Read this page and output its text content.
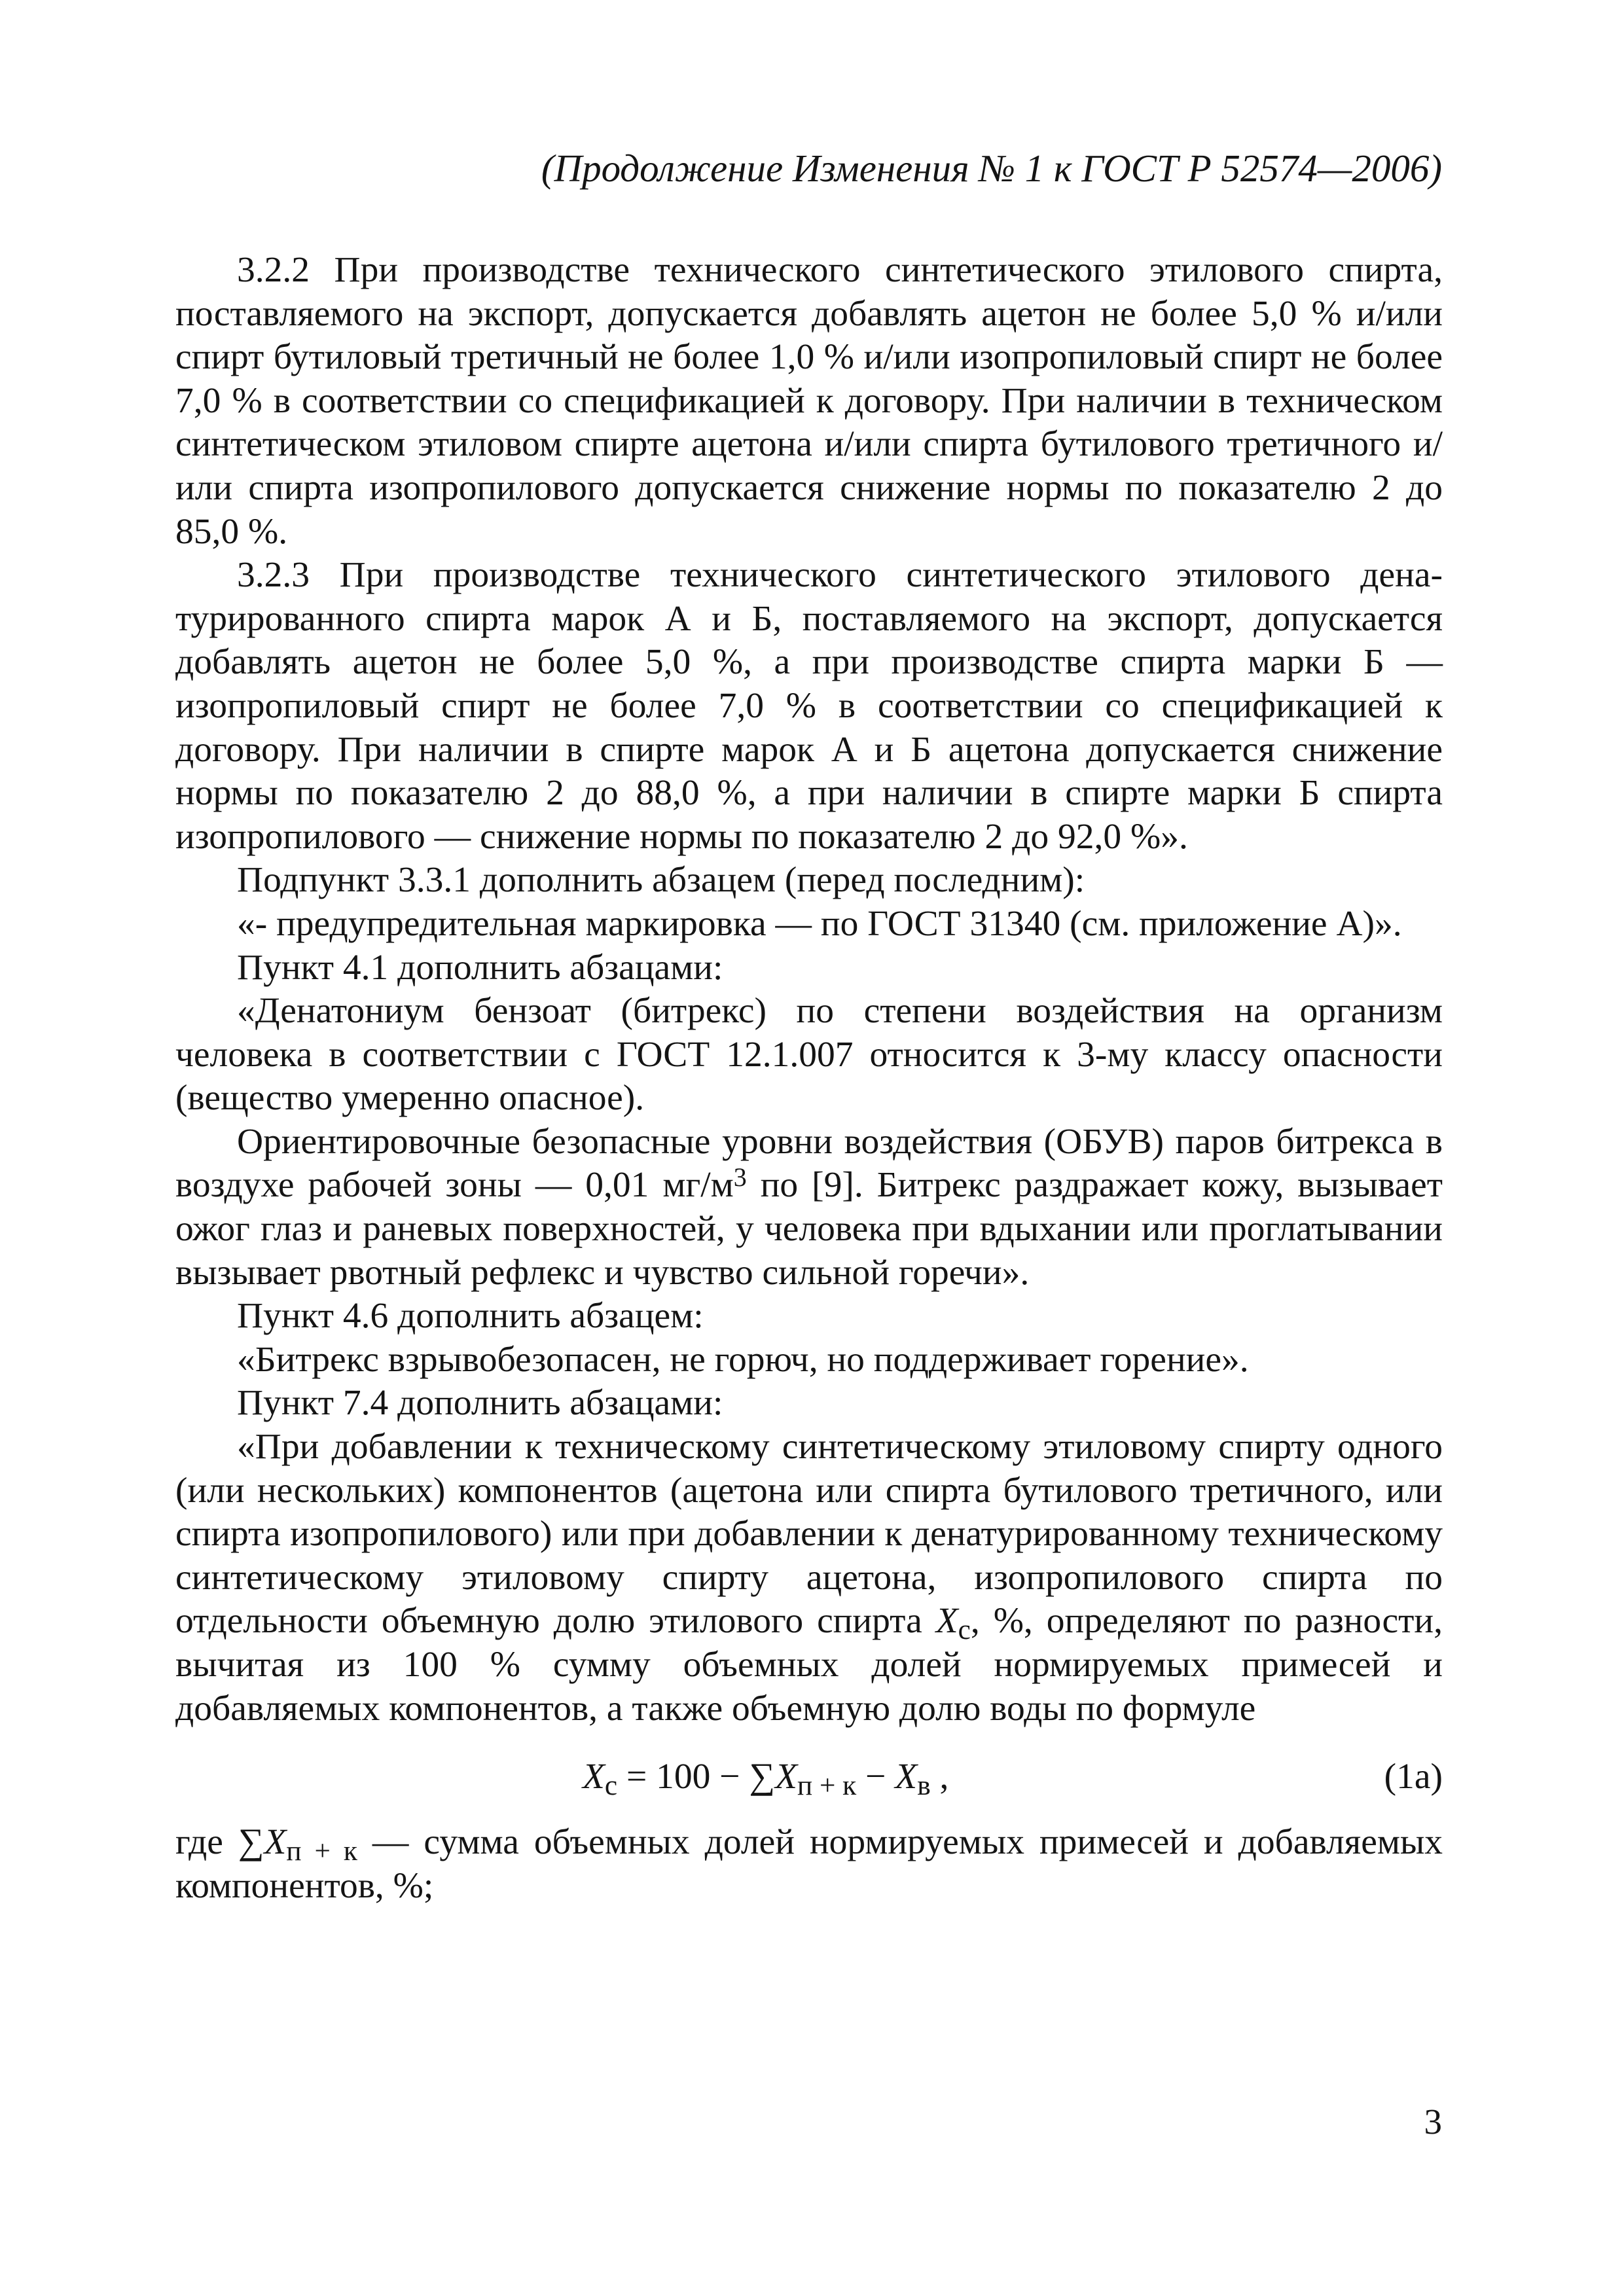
(Продолжение Изменения № 1 к ГОСТ Р 52574—2006)

3.2.2 При производстве технического синтетического этилового спирта, поставляемого на экспорт, допускается добавлять ацетон не более 5,0 % и/или спирт бутиловый третичный не более 1,0 % и/или изопропиловый спирт не более 7,0 % в соответствии со спецификацией к договору. При наличии в техническом синтетическом этиловом спирте ацетона и/или спирта бутилового третичного и/или спирта изопропилового допускается снижение нормы по показателю 2 до 85,0 %.

3.2.3 При производстве технического синтетического этилового денатурированного спирта марок А и Б, поставляемого на экспорт, допускается добавлять ацетон не более 5,0 %, а при производстве спирта марки Б — изопропиловый спирт не более 7,0 % в соответствии со спецификацией к договору. При наличии в спирте марок А и Б ацетона допускается снижение нормы по показателю 2 до 88,0 %, а при наличии в спирте марки Б спирта изопропилового — снижение нормы по показателю 2 до 92,0 %».

Подпункт 3.3.1 дополнить абзацем (перед последним):

«- предупредительная маркировка — по ГОСТ 31340 (см. приложение А)».

Пункт 4.1 дополнить абзацами:

«Денатониум бензоат (битрекс) по степени воздействия на организм человека в соответствии с ГОСТ 12.1.007 относится к 3-му классу опасности (вещество умеренно опасное).

Ориентировочные безопасные уровни воздействия (ОБУВ) паров битрекса в воздухе рабочей зоны — 0,01 $мг/м^3$ по [9]. Битрекс раздражает кожу, вызывает ожог глаз и раневых поверхностей, у человека при вдыхании или проглатывании вызывает рвотный рефлекс и чувство сильной горечи».

Пункт 4.6 дополнить абзацем:

«Битрекс взрывобезопасен, не горюч, но поддерживает горение».

Пункт 7.4 дополнить абзацами:

«При добавлении к техническому синтетическому этиловому спирту одного (или нескольких) компонентов (ацетона или спирта бутилового третичного, или спирта изопропилового) или при добавлении к денатурированному техническому синтетическому этиловому спирту ацетона, изопропилового спирта по отдельности объемную долю этилового спирта Xс, %, определяют по разности, вычитая из 100 % сумму объемных долей нормируемых примесей и добавляемых компонентов, а также объемную долю воды по формуле

Xс = 100 − ∑Xп + к − Xв ,	(1а)

где ∑Xп + к — сумма объемных долей нормируемых примесей и добавляемых компонентов, %;

3
